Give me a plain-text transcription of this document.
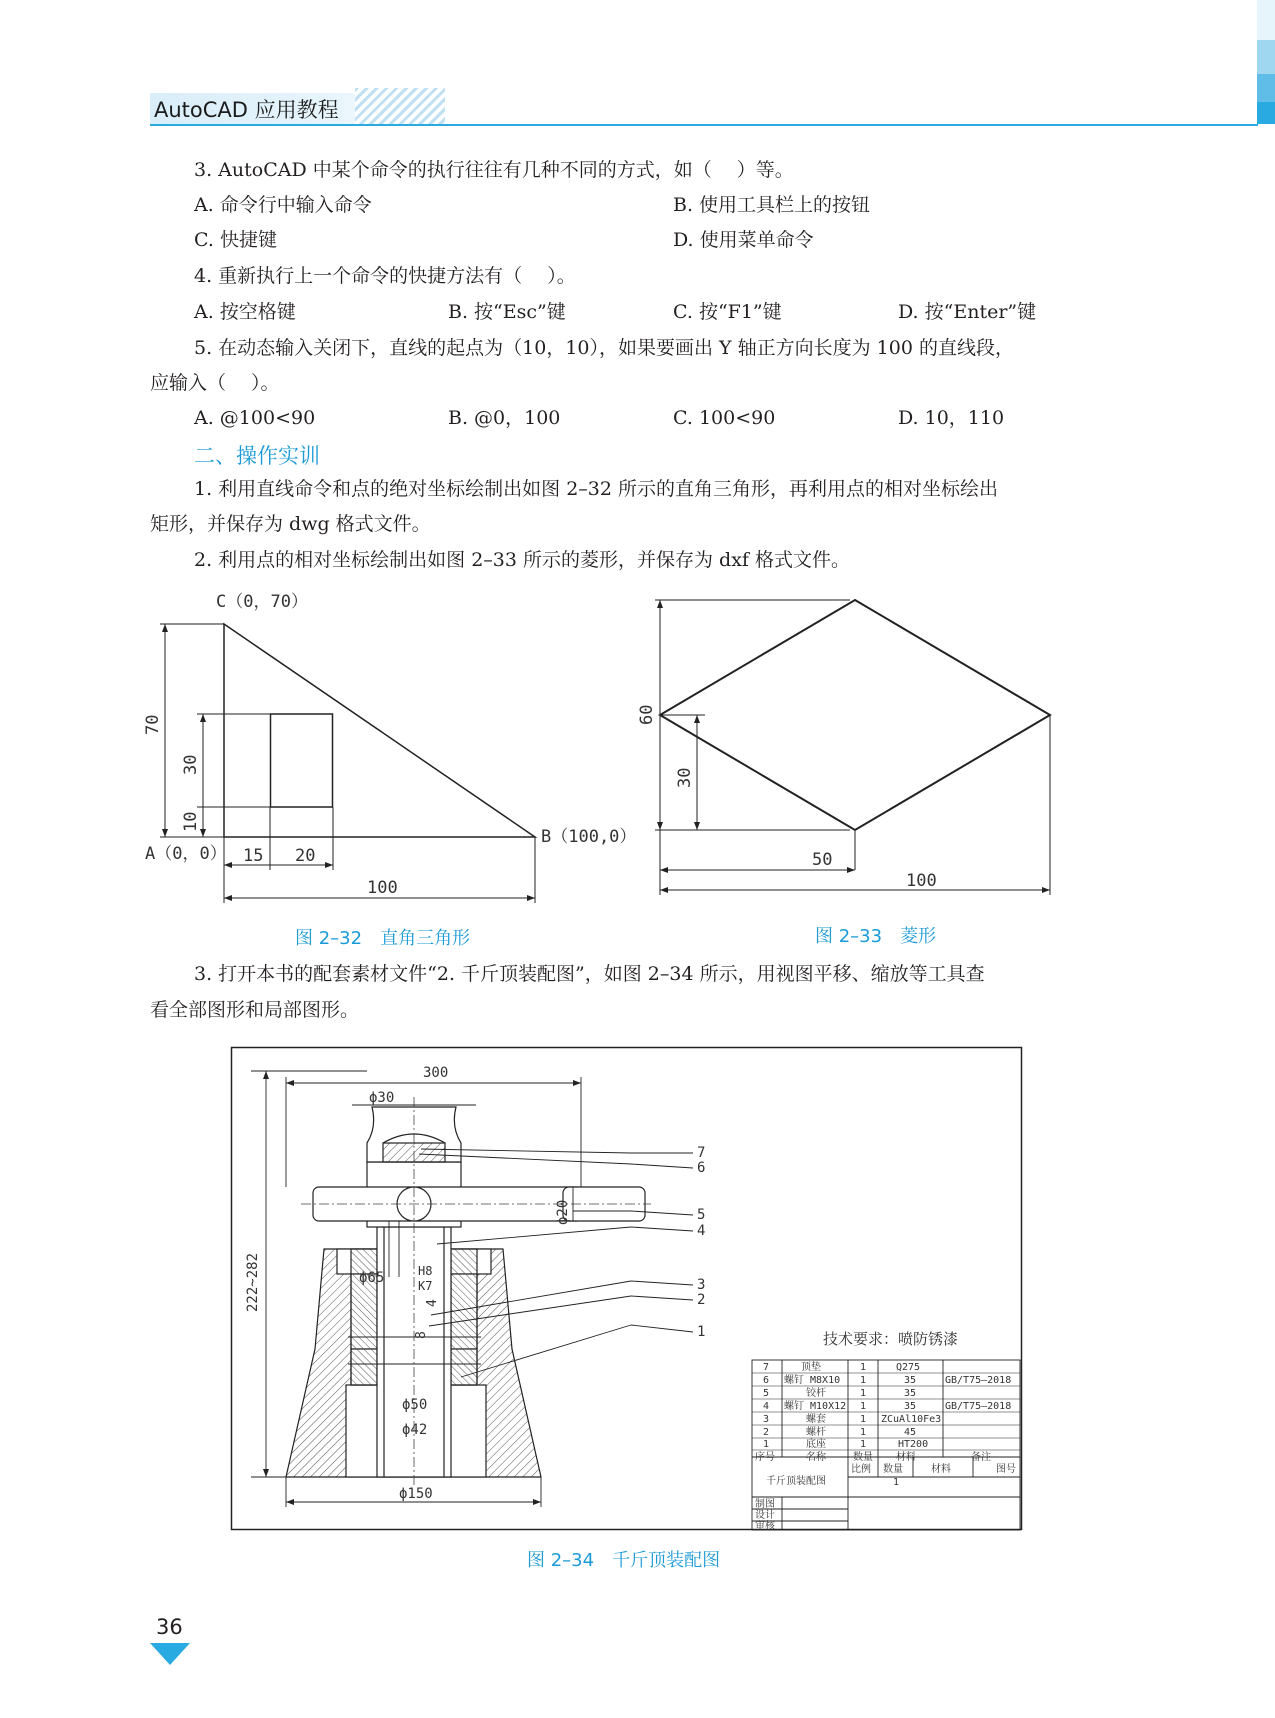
AutoCAD 应用教程
3. AutoCAD 中某个命令的执行往往有几种不同的方式，如（　 ）等。
A. 命令行中输入命令	B. 使用工具栏上的按钮
C. 快捷键	D. 使用菜单命令
4. 重新执行上一个命令的快捷方法有（　 ）。
A. 按空格键	B. 按“Esc”键	C. 按“F1”键	D. 按“Enter”键
5. 在动态输入关闭下，直线的起点为（10，10），如果要画出 Y 轴正方向长度为 100 的直线段，
应输入（　 ）。
A. @100<90	B. @0，100	C. 100<90	D. 10，110
二、操作实训
1. 利用直线命令和点的绝对坐标绘制出如图 2–32 所示的直角三角形，再利用点的相对坐标绘出
矩形，并保存为 dwg 格式文件。
2. 利用点的相对坐标绘制出如图 2–33 所示的菱形，并保存为 dxf 格式文件。
C（0，70）
A（0，0）
B（100,0）
70
30
10
15 20
100
图 2–32　直角三角形
60
30
50
100
图 2–33　菱形
3. 打开本书的配套素材文件“2. 千斤顶装配图”，如图 2–34 所示，用视图平移、缩放等工具查
看全部图形和局部图形。
300
ϕ30
222~282
ϕ20
ϕ65	H8
K7
4
8
ϕ50
ϕ42
ϕ150
7
6
5
4
3
2
1	技术要求：喷防锈漆
7	顶垫	1	Q275
6 螺钉 M8X10 1	35	GB/T75–2018
5	铰杆	1	35
4 螺钉 M10X12 1	35	GB/T75–2018
3	螺套	1 ZCuAl10Fe3
2	螺杆	1	45
1	底座	1	HT200
序号	名称	数量 材料	备注
千斤顶装配图
比例 数量	材料	图号
1
制图
设计
审核
图 2–34　千斤顶装配图
36
